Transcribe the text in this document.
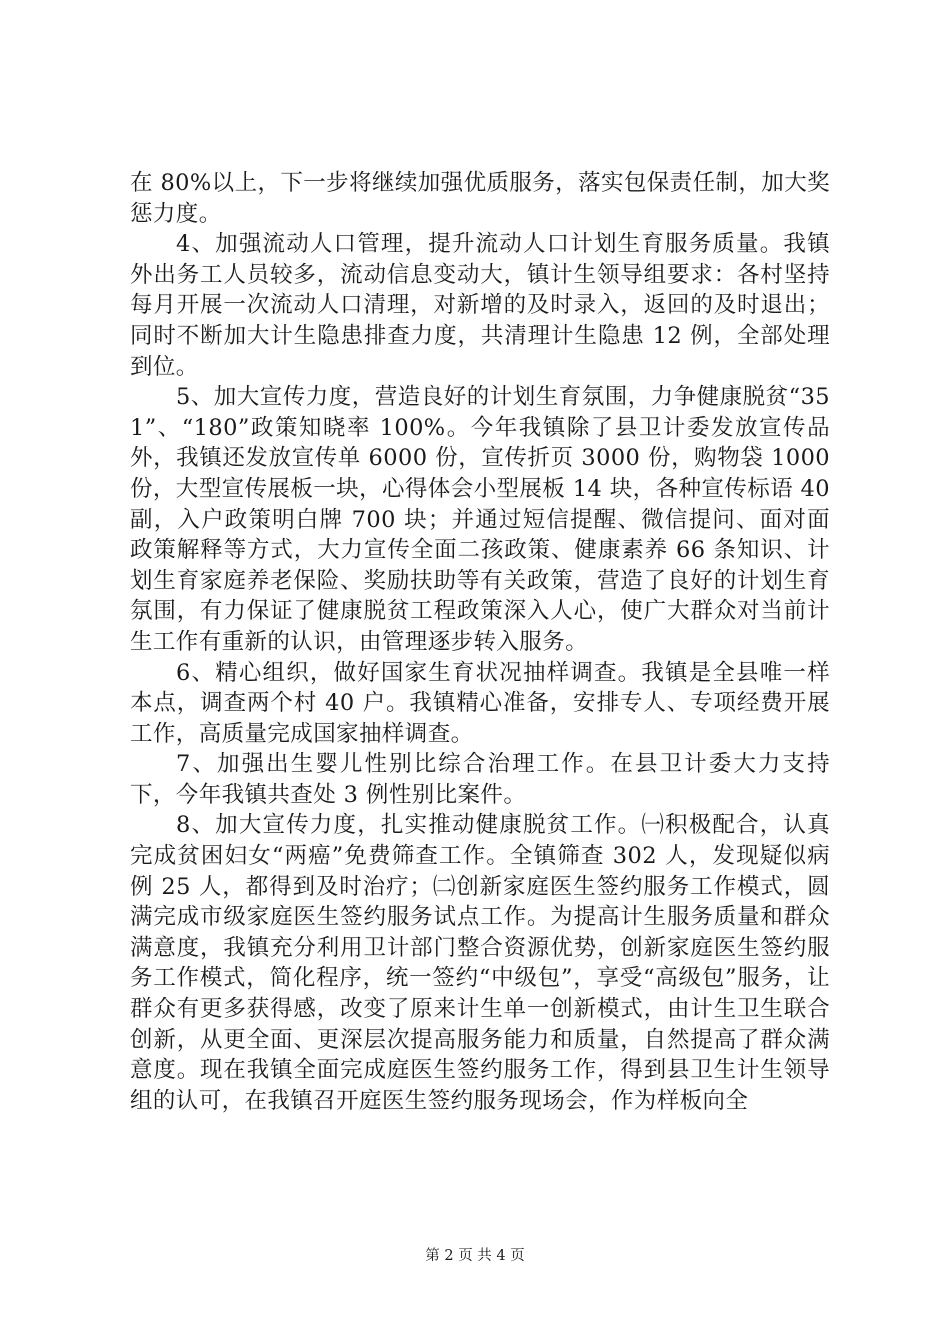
在 80%以上，下一步将继续加强优质服务，落实包保责任制，加大奖惩力度。

4、加强流动人口管理，提升流动人口计划生育服务质量。我镇外出务工人员较多，流动信息变动大，镇计生领导组要求：各村坚持每月开展一次流动人口清理，对新增的及时录入，返回的及时退出；同时不断加大计生隐患排查力度，共清理计生隐患 12 例，全部处理到位。

5、加大宣传力度，营造良好的计划生育氛围，力争健康脱贫“351”、“180”政策知晓率 100%。今年我镇除了县卫计委发放宣传品外，我镇还发放宣传单 6000 份，宣传折页 3000 份，购物袋 1000 份，大型宣传展板一块，心得体会小型展板 14 块，各种宣传标语 40 副，入户政策明白牌 700 块；并通过短信提醒、微信提问、面对面政策解释等方式，大力宣传全面二孩政策、健康素养 66 条知识、计划生育家庭养老保险、奖励扶助等有关政策，营造了良好的计划生育氛围，有力保证了健康脱贫工程政策深入人心，使广大群众对当前计生工作有重新的认识，由管理逐步转入服务。

6、精心组织，做好国家生育状况抽样调查。我镇是全县唯一样本点，调查两个村 40 户。我镇精心准备，安排专人、专项经费开展工作，高质量完成国家抽样调查。

7、加强出生婴儿性别比综合治理工作。在县卫计委大力支持下，今年我镇共查处 3 例性别比案件。

8、加大宣传力度，扎实推动健康脱贫工作。㈠积极配合，认真完成贫困妇女“两癌”免费筛查工作。全镇筛查 302 人，发现疑似病例 25 人，都得到及时治疗；㈡创新家庭医生签约服务工作模式，圆满完成市级家庭医生签约服务试点工作。为提高计生服务质量和群众满意度，我镇充分利用卫计部门整合资源优势，创新家庭医生签约服务工作模式，简化程序，统一签约“中级包”，享受“高级包”服务，让群众有更多获得感，改变了原来计生单一创新模式，由计生卫生联合创新，从更全面、更深层次提高服务能力和质量，自然提高了群众满意度。现在我镇全面完成庭医生签约服务工作，得到县卫生计生领导组的认可，在我镇召开庭医生签约服务现场会，作为样板向全

第 2 页 共 4 页
